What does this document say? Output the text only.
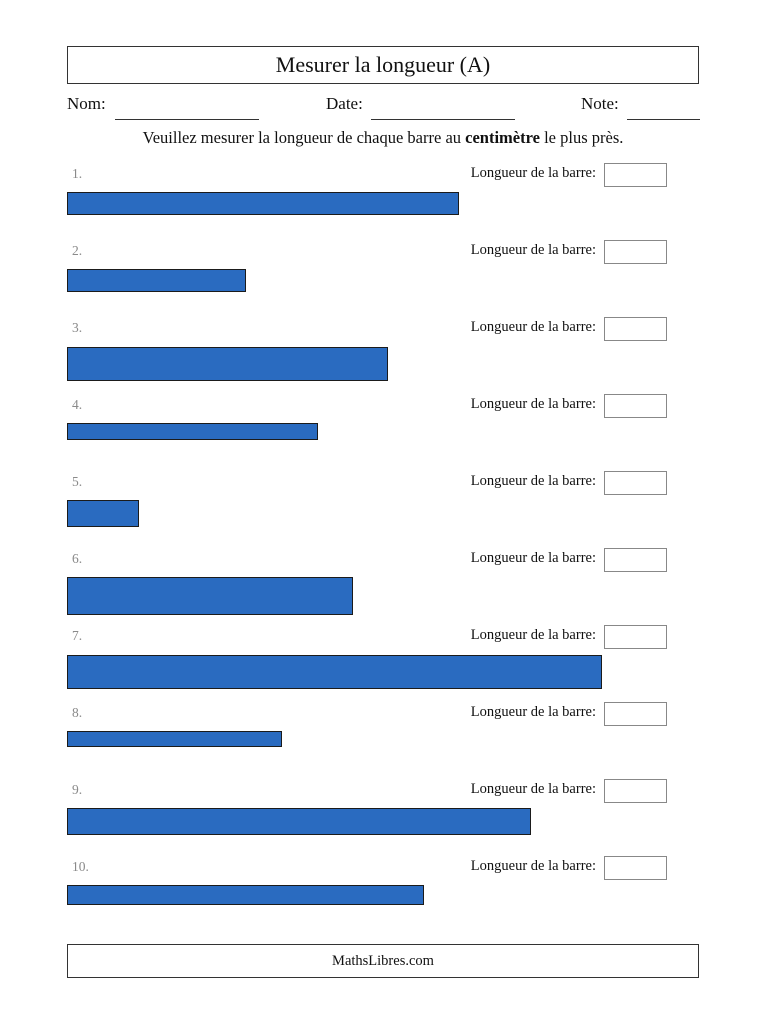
Mesurer la longueur (A)
Nom:	Date:	Note:
Veuillez mesurer la longueur de chaque barre au centimètre le plus près.
1.	Longueur de la barre:
2.	Longueur de la barre:
3.	Longueur de la barre:
4.	Longueur de la barre:
5.	Longueur de la barre:
6.	Longueur de la barre:
7.	Longueur de la barre:
8.	Longueur de la barre:
9.	Longueur de la barre:
10.	Longueur de la barre:
MathsLibres.com
